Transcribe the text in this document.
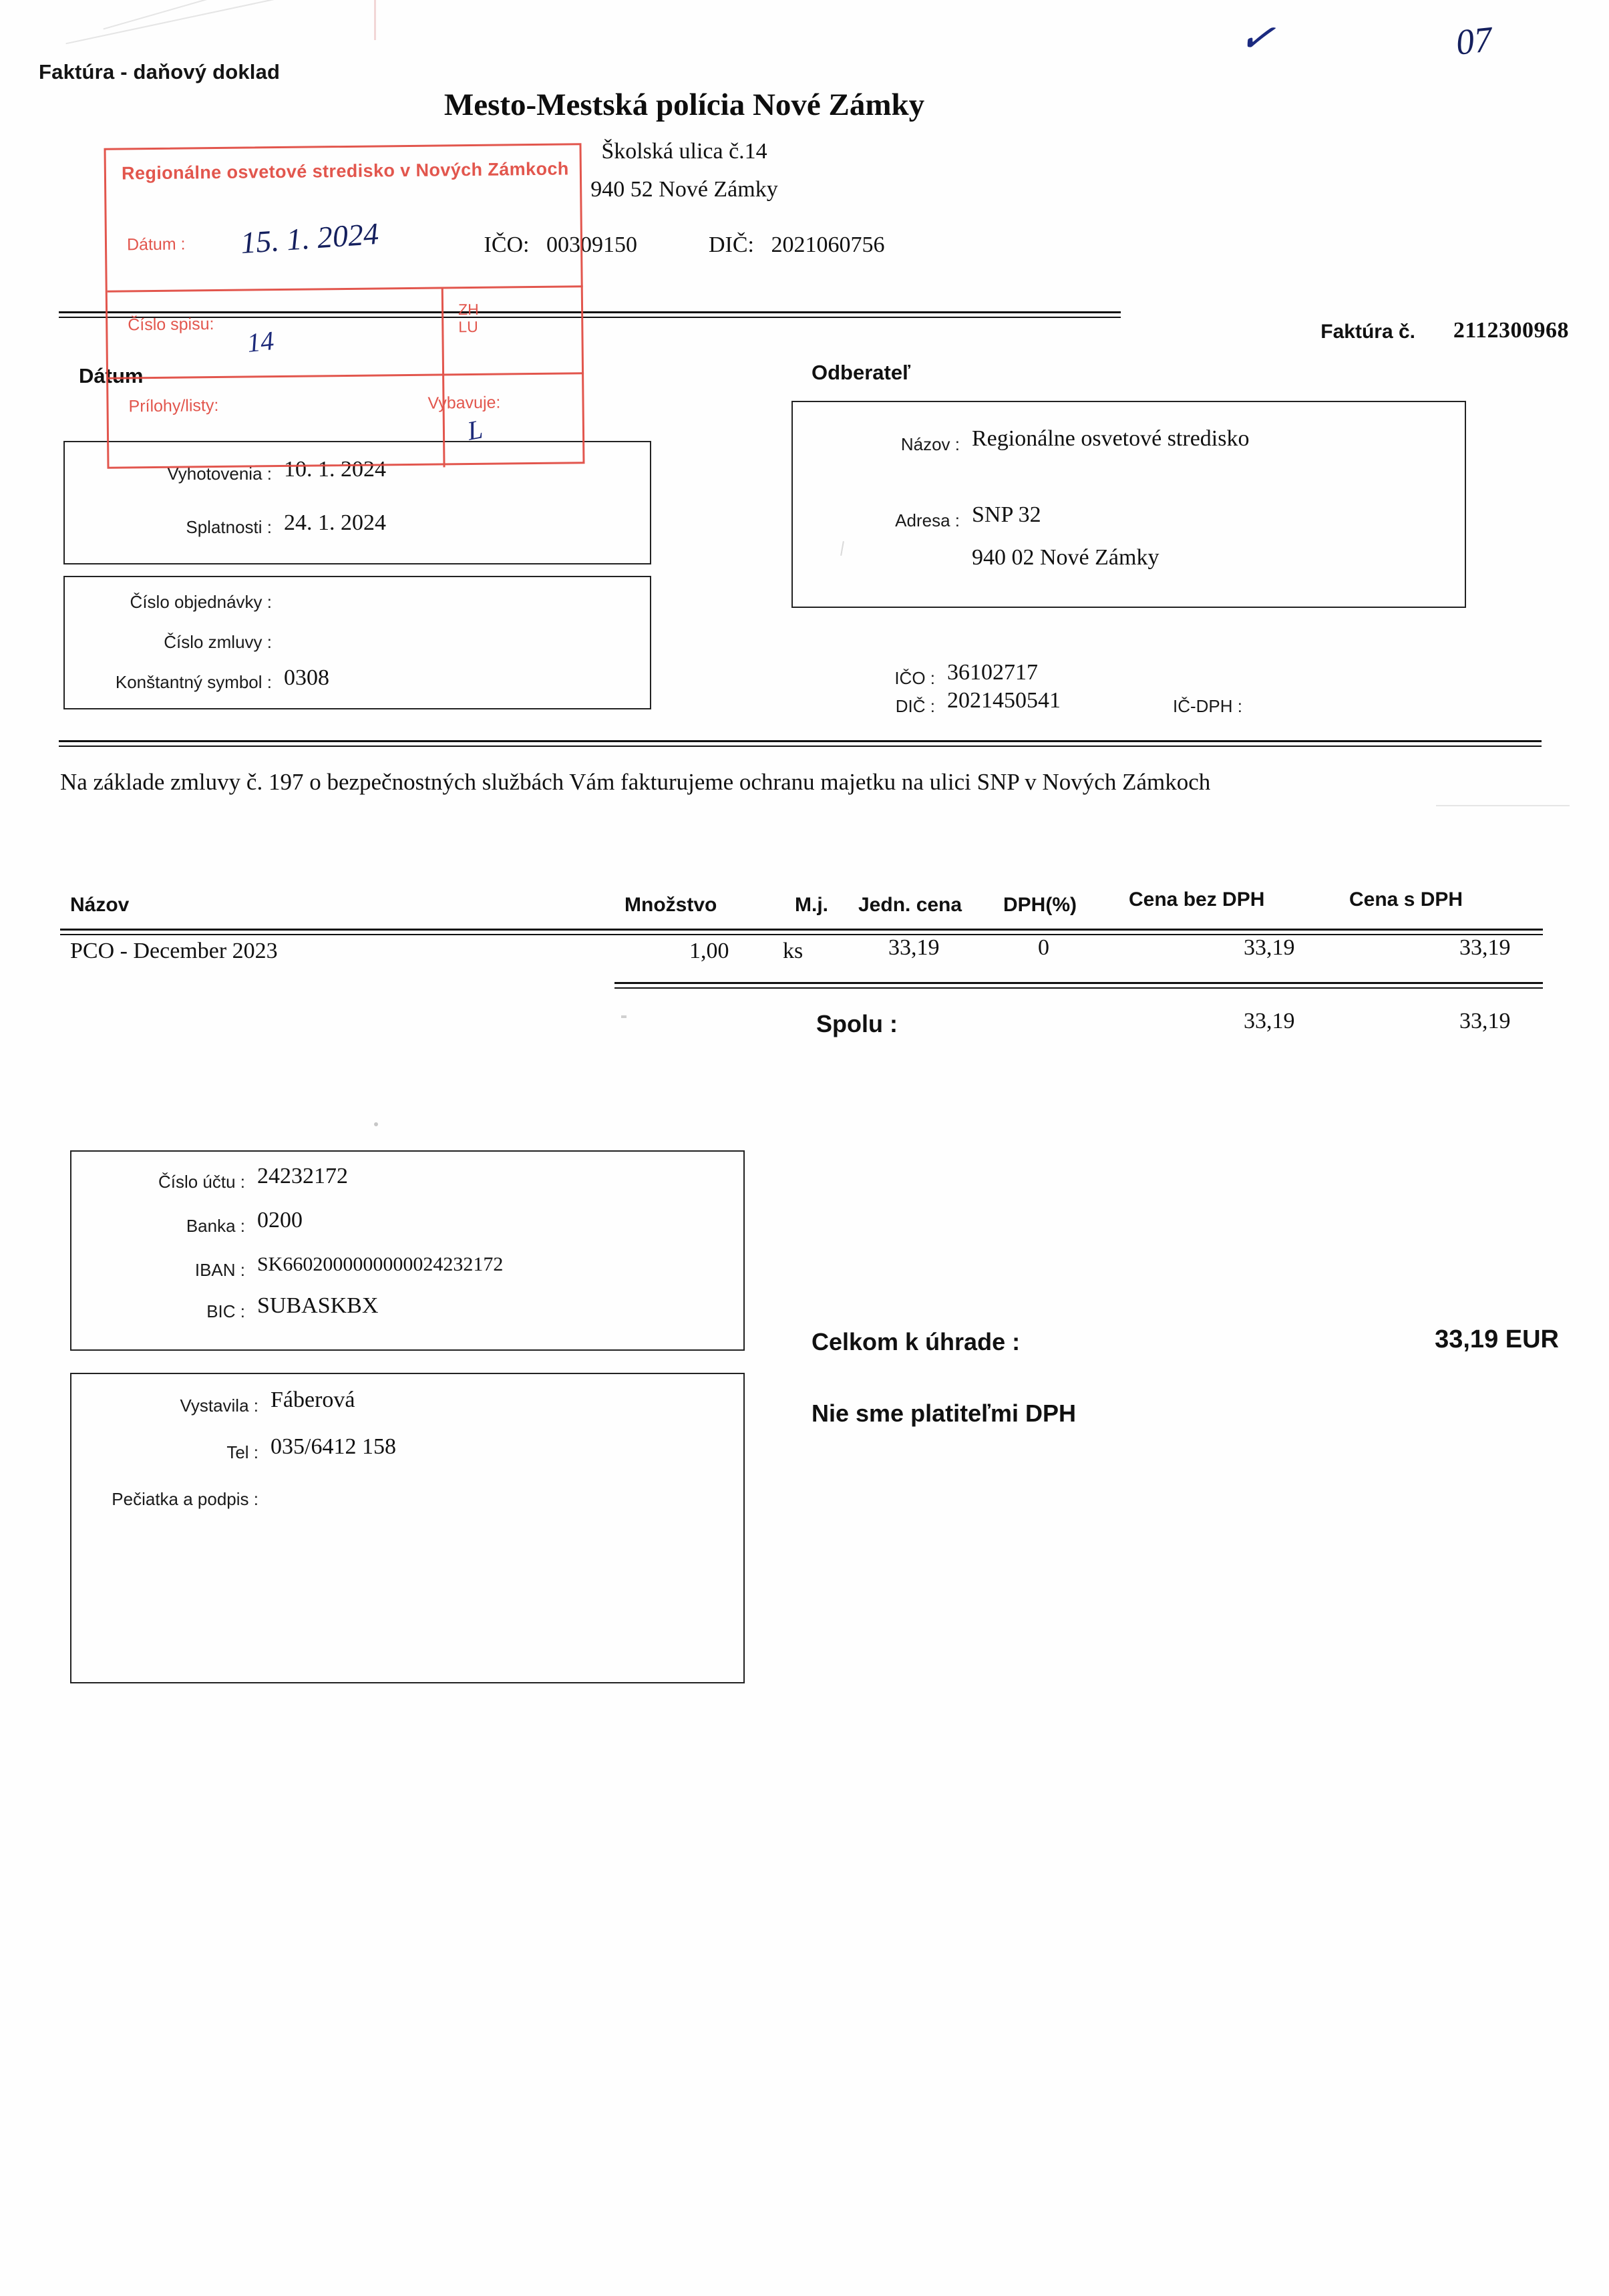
Faktúra - daňový doklad
Mesto-Mestská polícia Nové Zámky
Školská ulica č.14
940 52 Nové Zámky
IČO: 00309150	DIČ: 2021060756
Faktúra č. 2112300968
Dátum
Vyhotovenia : 10. 1. 2024
Splatnosti : 24. 1. 2024
Číslo objednávky :
Číslo zmluvy :
Konštantný symbol : 0308
Odberateľ
Názov : Regionálne osvetové stredisko
Adresa : SNP 32
940 02 Nové Zámky
IČO : 36102717
DIČ : 2021450541	IČ-DPH :
Na základe zmluvy č. 197 o bezpečnostných službách Vám fakturujeme ochranu majetku na ulici SNP v Nových Zámkoch
Názov	Množstvo	M.j. Jedn. cena DPH(%)	Cena bez DPH	Cena s DPH
PCO - December 2023	1,00 ks	33,19	0	33,19	33,19
Spolu :	33,19	33,19
Číslo účtu : 24232172
Banka : 0200
IBAN : SK6602000000000024232172
BIC : SUBASKBX
Vystavila : Fáberová
Tel : 035/6412 158
Pečiatka a podpis :
Celkom k úhrade :	33,19 EUR
Nie sme platiteľmi DPH
Regionálne osvetové stredisko v Nových Zámkoch
Dátum :
Číslo spisu:
ZH
LU
Prílohy/listy:	Vybavuje:
15. 1. 2024
14
L
✓	07
